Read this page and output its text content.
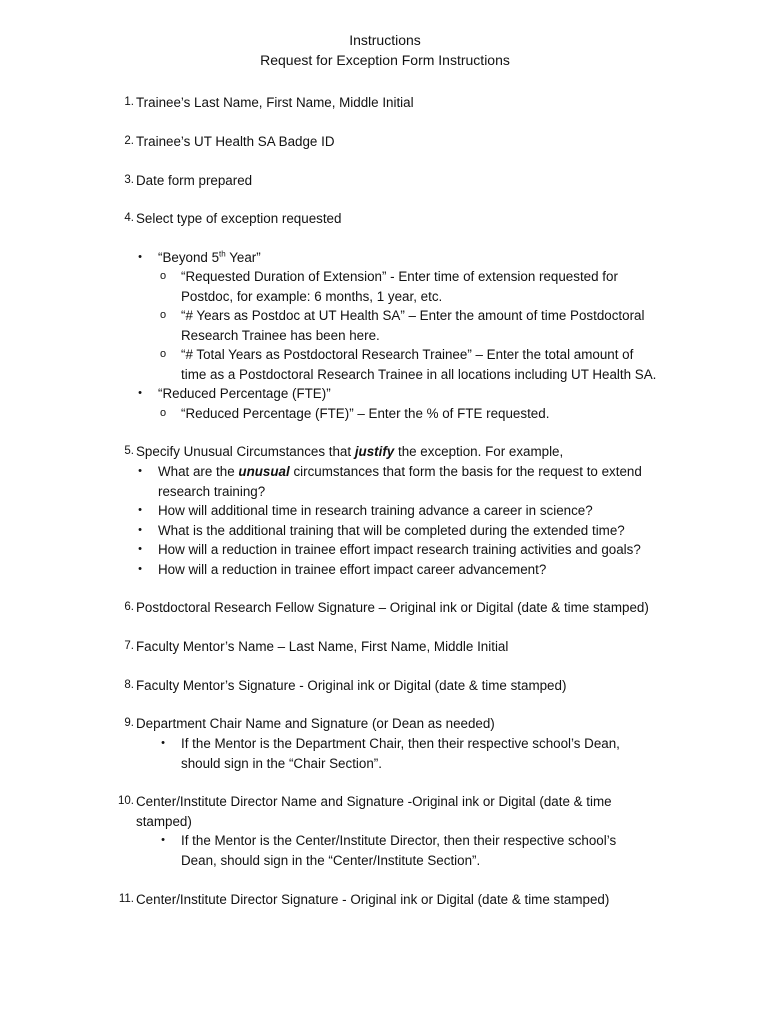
Instructions
Request for Exception Form Instructions
1. Trainee’s Last Name, First Name, Middle Initial
2. Trainee’s UT Health SA Badge ID
3. Date form prepared
4. Select type of exception requested
•	“Beyond 5th Year”
o “Requested Duration of Extension” - Enter time of extension requested for
Postdoc, for example: 6 months, 1 year, etc.
o “# Years as Postdoc at UT Health SA” – Enter the amount of time Postdoctoral
Research Trainee has been here.
o “# Total Years as Postdoctoral Research Trainee” – Enter the total amount of
time as a Postdoctoral Research Trainee in all locations including UT Health SA.
•	“Reduced Percentage (FTE)”
o “Reduced Percentage (FTE)” – Enter the % of FTE requested.
5. Specify Unusual Circumstances that justify the exception. For example,
•	What are the unusual circumstances that form the basis for the request to extend
research training?
•	How will additional time in research training advance a career in science?
•	What is the additional training that will be completed during the extended time?
•	How will a reduction in trainee effort impact research training activities and goals?
•	How will a reduction in trainee effort impact career advancement?
6. Postdoctoral Research Fellow Signature – Original ink or Digital (date & time stamped)
7. Faculty Mentor’s Name – Last Name, First Name, Middle Initial
8. Faculty Mentor’s Signature - Original ink or Digital (date & time stamped)
9. Department Chair Name and Signature (or Dean as needed)
•	If the Mentor is the Department Chair, then their respective school’s Dean,
should sign in the “Chair Section”.
10. Center/Institute Director Name and Signature -Original ink or Digital (date & time
stamped)
•	If the Mentor is the Center/Institute Director, then their respective school’s
Dean, should sign in the “Center/Institute Section”.
11. Center/Institute Director Signature - Original ink or Digital (date & time stamped)
